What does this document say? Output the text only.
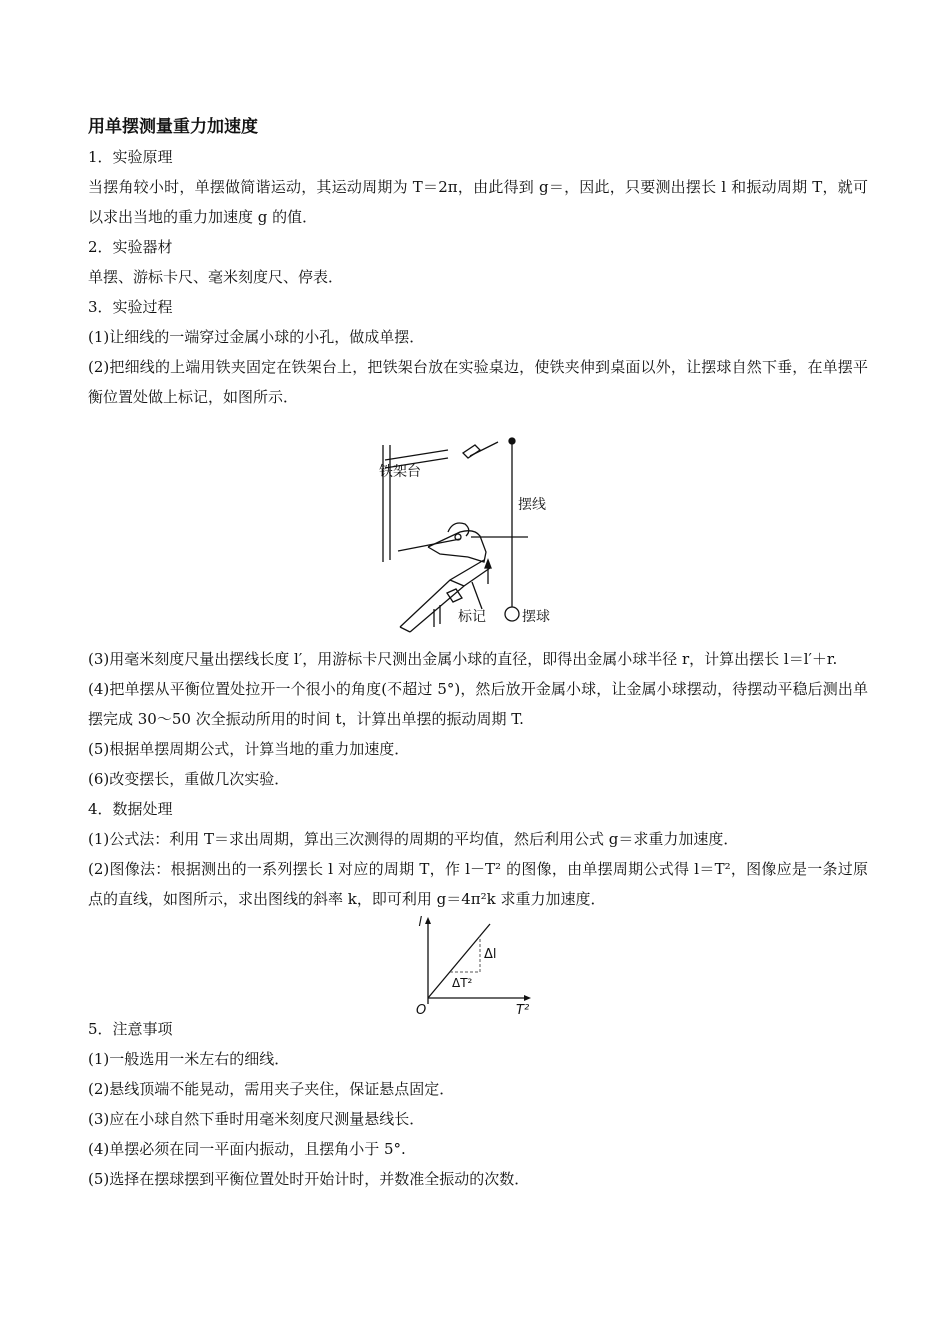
用单摆测量重力加速度

1．实验原理

当摆角较小时，单摆做简谐运动，其运动周期为 T＝2π，由此得到 g＝，因此，只要测出摆长 l 和振动周期 T，就可以求出当地的重力加速度 g 的值．

2．实验器材

单摆、游标卡尺、毫米刻度尺、停表．

3．实验过程

(1)让细线的一端穿过金属小球的小孔，做成单摆．

(2)把细线的上端用铁夹固定在铁架台上，把铁架台放在实验桌边，使铁夹伸到桌面以外，让摆球自然下垂，在单摆平衡位置处做上标记，如图所示．

铁架台
摆线
标记	摆球

(3)用毫米刻度尺量出摆线长度 l′，用游标卡尺测出金属小球的直径，即得出金属小球半径 r，计算出摆长 l＝l′＋r.

(4)把单摆从平衡位置处拉开一个很小的角度(不超过 5°)，然后放开金属小球，让金属小球摆动，待摆动平稳后测出单摆完成 30～50 次全振动所用的时间 t，计算出单摆的振动周期 T.

(5)根据单摆周期公式，计算当地的重力加速度．

(6)改变摆长，重做几次实验．

4．数据处理

(1)公式法：利用 T＝求出周期，算出三次测得的周期的平均值，然后利用公式 g＝求重力加速度．

(2)图像法：根据测出的一系列摆长 l 对应的周期 T，作 l－T² 的图像，由单摆周期公式得 l＝T²，图像应是一条过原点的直线，如图所示，求出图线的斜率 k，即可利用 g＝4π²k 求重力加速度．

l
T²
O
Δl
ΔT²

5．注意事项

(1)一般选用一米左右的细线．

(2)悬线顶端不能晃动，需用夹子夹住，保证悬点固定．

(3)应在小球自然下垂时用毫米刻度尺测量悬线长．

(4)单摆必须在同一平面内振动，且摆角小于 5°.

(5)选择在摆球摆到平衡位置处时开始计时，并数准全振动的次数．
